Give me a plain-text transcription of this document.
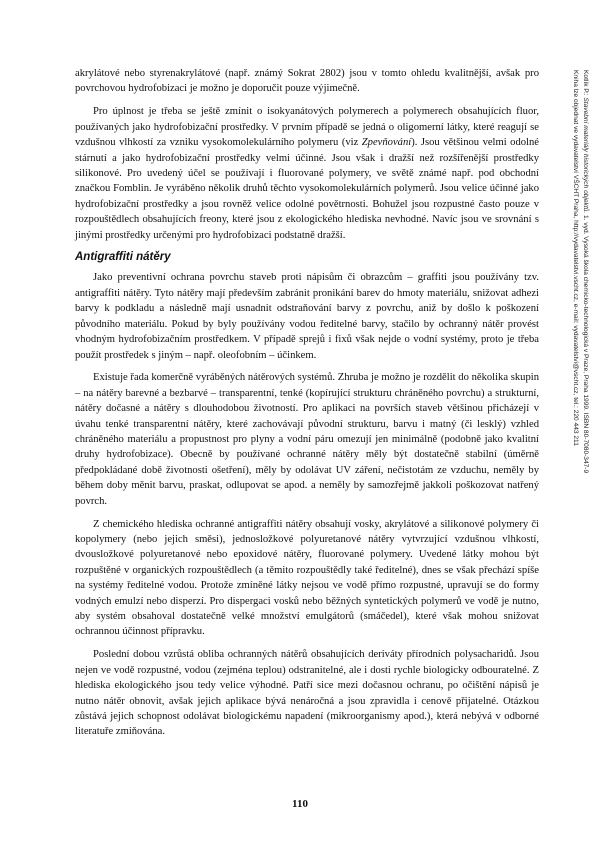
akrylátové nebo styrenakrylátové (např. známý Sokrat 2802) jsou v tomto ohledu kvalitnější, avšak pro povrchovou hydrofobizaci je možno je doporučit pouze výjimečně.

Pro úplnost je třeba se ještě zmínit o isokyanátových polymerech a polymerech obsahujících fluor, používaných jako hydrofobizační prostředky. V prvním případě se jedná o oligomerní látky, které reagují se vzdušnou vlhkostí za vzniku vysokomolekulárního polymeru (viz Zpevňování). Jsou většinou velmi odolné stárnutí a jako hydrofobizační prostředky velmi účinné. Jsou však i dražší než rozšířenější prostředky silikonové. Pro uvedený účel se používají i fluorované polymery, ve světě známé např. pod obchodní značkou Fomblin. Je vyráběno několik druhů těchto vysokomolekulárních polymerů. Jsou velice účinné jako hydrofobizační prostředky a jsou rovněž velice odolné povětrnosti. Bohužel jsou rozpustné často pouze v rozpouštědlech obsahujících freony, které jsou z ekologického hlediska nevhodné. Navíc jsou ve srovnání s jinými prostředky určenými pro hydrofobizaci podstatně dražší.

Antigraffiti nátěry

Jako preventivní ochrana povrchu staveb proti nápisům či obrazcům – graffiti jsou používány tzv. antigraffiti nátěry. Tyto nátěry mají především zabránit pronikání barev do hmoty materiálu, snižovat adhezi barvy k podkladu a následně mají usnadnit odstraňování barvy z povrchu, aniž by došlo k poškození původního materiálu. Pokud by byly používány vodou ředitelné barvy, stačilo by ochranný nátěr provést vhodným hydrofobizačním prostředkem. V případě sprejů i fixů však nejde o vodní systémy, proto je třeba použít prostředek s jiným – např. oleofobním – účinkem.

Existuje řada komerčně vyráběných nátěrových systémů. Zhruba je možno je rozdělit do několika skupin – na nátěry barevné a bezbarvé – transparentní, tenké (kopírující strukturu chráněného povrchu) a strukturní, nátěry dočasné a nátěry s dlouhodobou životností. Pro aplikaci na površích staveb většinou přicházejí v úvahu tenké transparentní nátěry, které zachovávají původní strukturu, barvu i matný (či lesklý) vzhled chráněného materiálu a propustnost pro plyny a vodní páru omezují jen minimálně (podobně jako kvalitní druhy hydrofobizace). Obecně by používané ochranné nátěry měly být dostatečně stabilní (úměrně předpokládané době životnosti ošetření), měly by odolávat UV záření, nečistotám ze vzduchu, neměly by během doby měnit barvu, praskat, odlupovat se apod. a neměly by samozřejmě jakkoli poškozovat natřený povrch.

Z chemického hlediska ochranné antigraffiti nátěry obsahují vosky, akrylátové a silikonové polymery či kopolymery (nebo jejich směsi), jednosložkové polyuretanové nátěry vytvrzující vzdušnou vlhkostí, dvousložkové polyuretanové nebo epoxidové nátěry, fluorované polymery. Uvedené látky mohou být rozpuštěné v organických rozpouštědlech (a těmito rozpouštědly také ředitelné), dnes se však přechází spíše na systémy ředitelné vodou. Protože zmíněné látky nejsou ve vodě přímo rozpustné, upravují se do formy vodných emulzí nebo disperzí. Pro dispergaci vosků nebo běžných syntetických polymerů ve vodě je nutno, aby systém obsahoval dostatečně velké množství emulgátorů (smáčedel), které však mohou snižovat ochrannou účinnost přípravku.

Poslední dobou vzrůstá obliba ochranných nátěrů obsahujících deriváty přírodních polysacharidů. Jsou nejen ve vodě rozpustné, vodou (zejména teplou) odstranitelné, ale i dosti rychle biologicky odbouratelné. Z hlediska ekologického jsou tedy velice výhodné. Patří sice mezi dočasnou ochranu, po očištění nápisů je nutno nátěr obnovit, avšak jejich aplikace bývá nenáročná a jsou zpravidla i cenově přijatelné. Otázkou zůstává jejich schopnost odolávat biologickému napadení (mikroorganismy apod.), která nebývá v odborné literatuře zmiňována.

Kotlík P.: Stavební materiály historických objektů. 1. vyd. Vysoká škola chemicko-technologická v Praze, Praha 1999. ISBN 80-7080-347-9
Kniha lze objednat ve vydavatelství VŠCHT Praha, http://vydavatelstvi.vscht.cz, e-mail: vydavatelstvi@vscht.cz, tel.: 220 443 211
110
